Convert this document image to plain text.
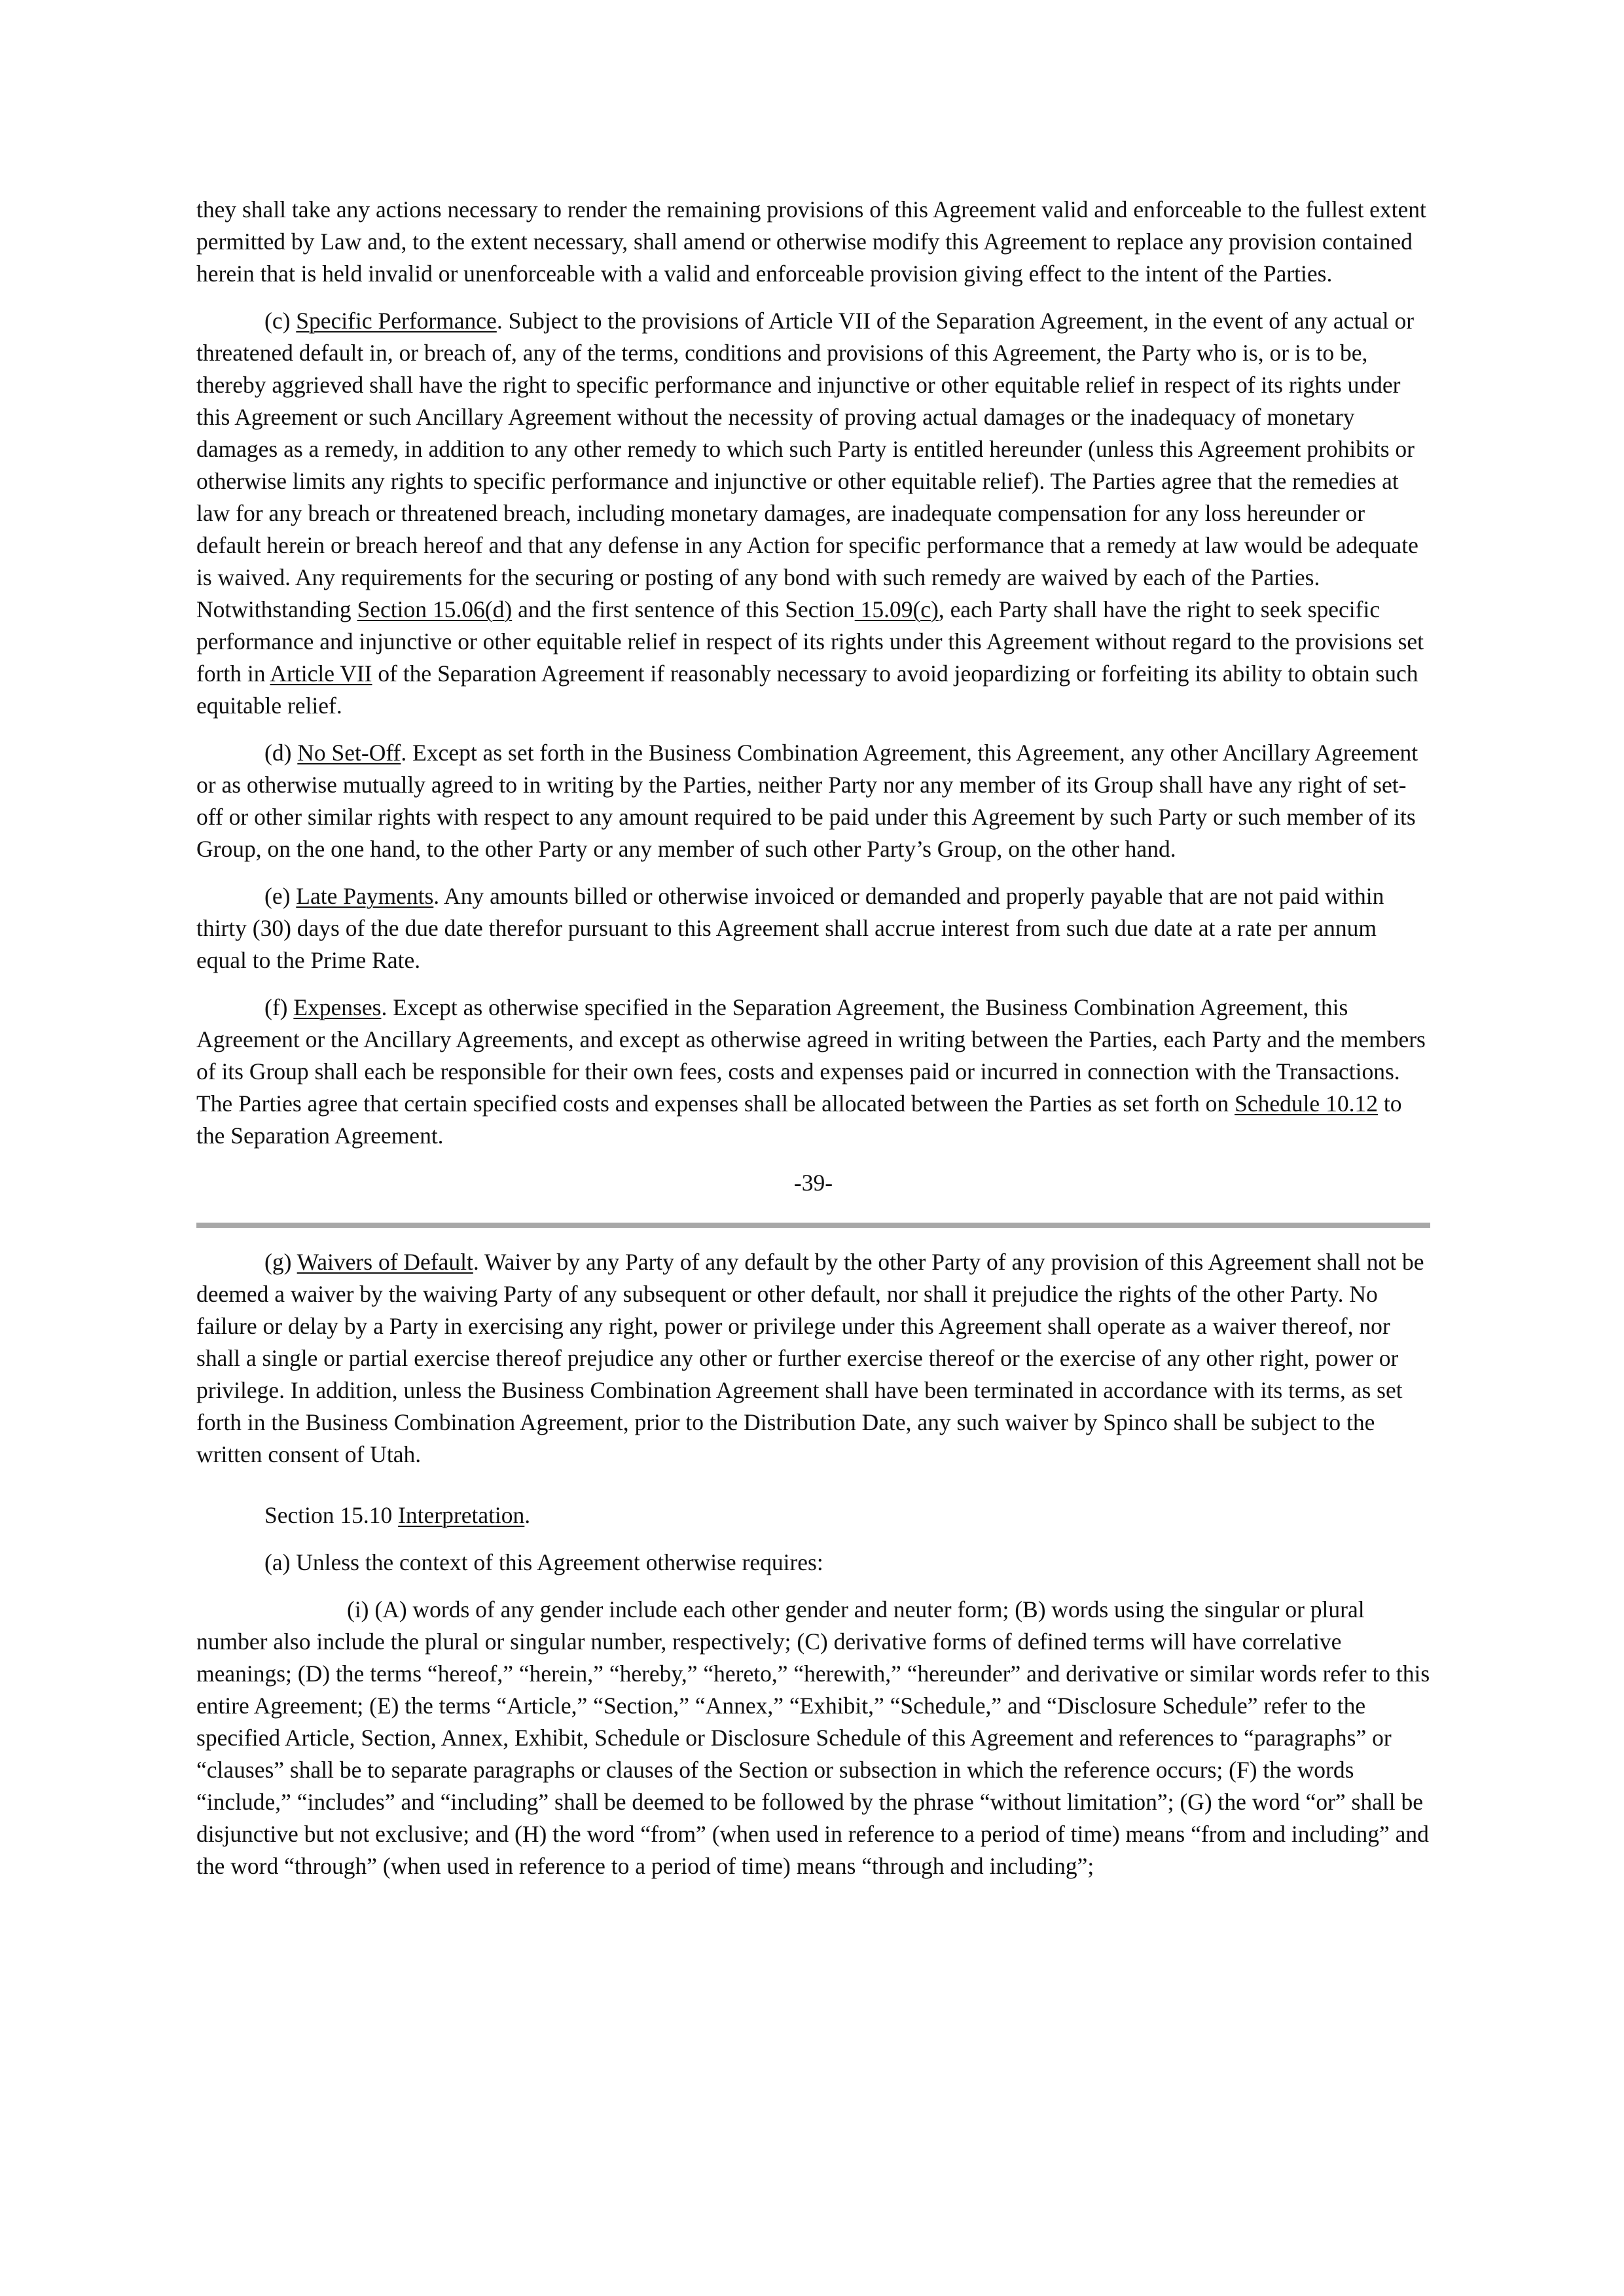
they shall take any actions necessary to render the remaining provisions of this Agreement valid and enforceable to the fullest extent permitted by Law and, to the extent necessary, shall amend or otherwise modify this Agreement to replace any provision contained herein that is held invalid or unenforceable with a valid and enforceable provision giving effect to the intent of the Parties.

(c) Specific Performance. Subject to the provisions of Article VII of the Separation Agreement, in the event of any actual or threatened default in, or breach of, any of the terms, conditions and provisions of this Agreement, the Party who is, or is to be, thereby aggrieved shall have the right to specific performance and injunctive or other equitable relief in respect of its rights under this Agreement or such Ancillary Agreement without the necessity of proving actual damages or the inadequacy of monetary damages as a remedy, in addition to any other remedy to which such Party is entitled hereunder (unless this Agreement prohibits or otherwise limits any rights to specific performance and injunctive or other equitable relief). The Parties agree that the remedies at law for any breach or threatened breach, including monetary damages, are inadequate compensation for any loss hereunder or default herein or breach hereof and that any defense in any Action for specific performance that a remedy at law would be adequate is waived. Any requirements for the securing or posting of any bond with such remedy are waived by each of the Parties. Notwithstanding Section 15.06(d) and the first sentence of this Section 15.09(c), each Party shall have the right to seek specific performance and injunctive or other equitable relief in respect of its rights under this Agreement without regard to the provisions set forth in Article VII of the Separation Agreement if reasonably necessary to avoid jeopardizing or forfeiting its ability to obtain such equitable relief.

(d) No Set-Off. Except as set forth in the Business Combination Agreement, this Agreement, any other Ancillary Agreement or as otherwise mutually agreed to in writing by the Parties, neither Party nor any member of its Group shall have any right of set-off or other similar rights with respect to any amount required to be paid under this Agreement by such Party or such member of its Group, on the one hand, to the other Party or any member of such other Party’s Group, on the other hand.

(e) Late Payments. Any amounts billed or otherwise invoiced or demanded and properly payable that are not paid within thirty (30) days of the due date therefor pursuant to this Agreement shall accrue interest from such due date at a rate per annum equal to the Prime Rate.

(f) Expenses. Except as otherwise specified in the Separation Agreement, the Business Combination Agreement, this Agreement or the Ancillary Agreements, and except as otherwise agreed in writing between the Parties, each Party and the members of its Group shall each be responsible for their own fees, costs and expenses paid or incurred in connection with the Transactions. The Parties agree that certain specified costs and expenses shall be allocated between the Parties as set forth on Schedule 10.12 to the Separation Agreement.

-39-

(g) Waivers of Default. Waiver by any Party of any default by the other Party of any provision of this Agreement shall not be deemed a waiver by the waiving Party of any subsequent or other default, nor shall it prejudice the rights of the other Party. No failure or delay by a Party in exercising any right, power or privilege under this Agreement shall operate as a waiver thereof, nor shall a single or partial exercise thereof prejudice any other or further exercise thereof or the exercise of any other right, power or privilege. In addition, unless the Business Combination Agreement shall have been terminated in accordance with its terms, as set forth in the Business Combination Agreement, prior to the Distribution Date, any such waiver by Spinco shall be subject to the written consent of Utah.

Section 15.10 Interpretation.

(a) Unless the context of this Agreement otherwise requires:

(i) (A) words of any gender include each other gender and neuter form; (B) words using the singular or plural number also include the plural or singular number, respectively; (C) derivative forms of defined terms will have correlative meanings; (D) the terms “hereof,” “herein,” “hereby,” “hereto,” “herewith,” “hereunder” and derivative or similar words refer to this entire Agreement; (E) the terms “Article,” “Section,” “Annex,” “Exhibit,” “Schedule,” and “Disclosure Schedule” refer to the specified Article, Section, Annex, Exhibit, Schedule or Disclosure Schedule of this Agreement and references to “paragraphs” or “clauses” shall be to separate paragraphs or clauses of the Section or subsection in which the reference occurs; (F) the words “include,” “includes” and “including” shall be deemed to be followed by the phrase “without limitation”; (G) the word “or” shall be disjunctive but not exclusive; and (H) the word “from” (when used in reference to a period of time) means “from and including” and the word “through” (when used in reference to a period of time) means “through and including”;
